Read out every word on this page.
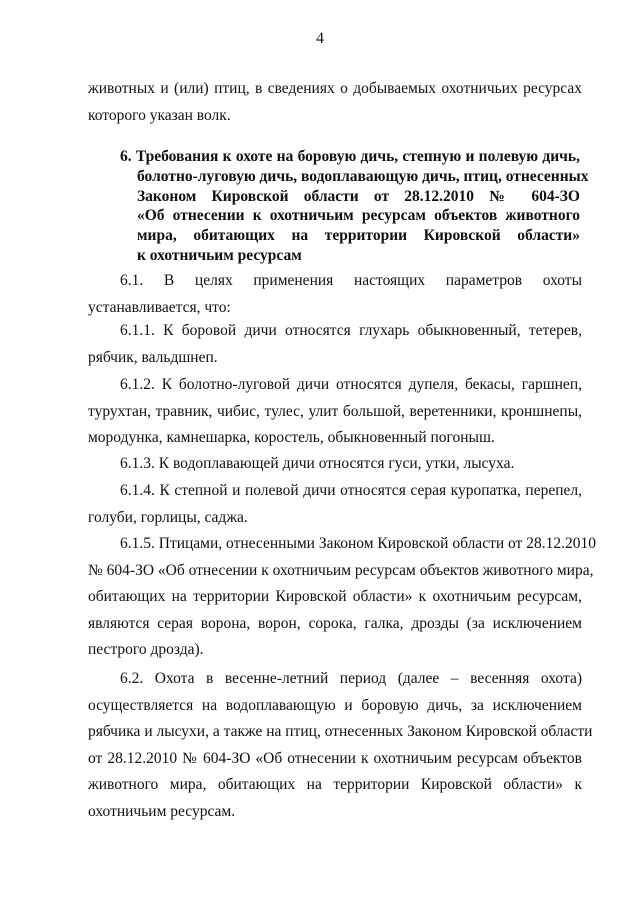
4
животных и (или) птиц, в сведениях о добываемых охотничьих ресурсах
которого указан волк.
6. Требования к охоте на боровую дичь, степную и полевую дичь,
болотно-луговую дичь, водоплавающую дичь, птиц, отнесенных
Законом Кировской области от 28.12.2010 № 604-ЗО
«Об отнесении к охотничьим ресурсам объектов животного
мира, обитающих на территории Кировской области»
к охотничьим ресурсам
6.1. В целях применения настоящих параметров охоты
устанавливается, что:
6.1.1. К боровой дичи относятся глухарь обыкновенный, тетерев,
рябчик, вальдшнеп.
6.1.2. К болотно-луговой дичи относятся дупеля, бекасы, гаршнеп,
турухтан, травник, чибис, тулес, улит большой, веретенники, кроншнепы,
мородунка, камнешарка, коростель, обыкновенный погоныш.
6.1.3. К водоплавающей дичи относятся гуси, утки, лысуха.
6.1.4. К степной и полевой дичи относятся серая куропатка, перепел,
голуби, горлицы, саджа.
6.1.5. Птицами, отнесенными Законом Кировской области от 28.12.2010
№ 604-ЗО «Об отнесении к охотничьим ресурсам объектов животного мира,
обитающих на территории Кировской области» к охотничьим ресурсам,
являются серая ворона, ворон, сорока, галка, дрозды (за исключением
пестрого дрозда).
6.2. Охота в весенне-летний период (далее – весенняя охота)
осуществляется на водоплавающую и боровую дичь, за исключением
рябчика и лысухи, а также на птиц, отнесенных Законом Кировской области
от 28.12.2010 № 604-ЗО «Об отнесении к охотничьим ресурсам объектов
животного мира, обитающих на территории Кировской области» к
охотничьим ресурсам.
